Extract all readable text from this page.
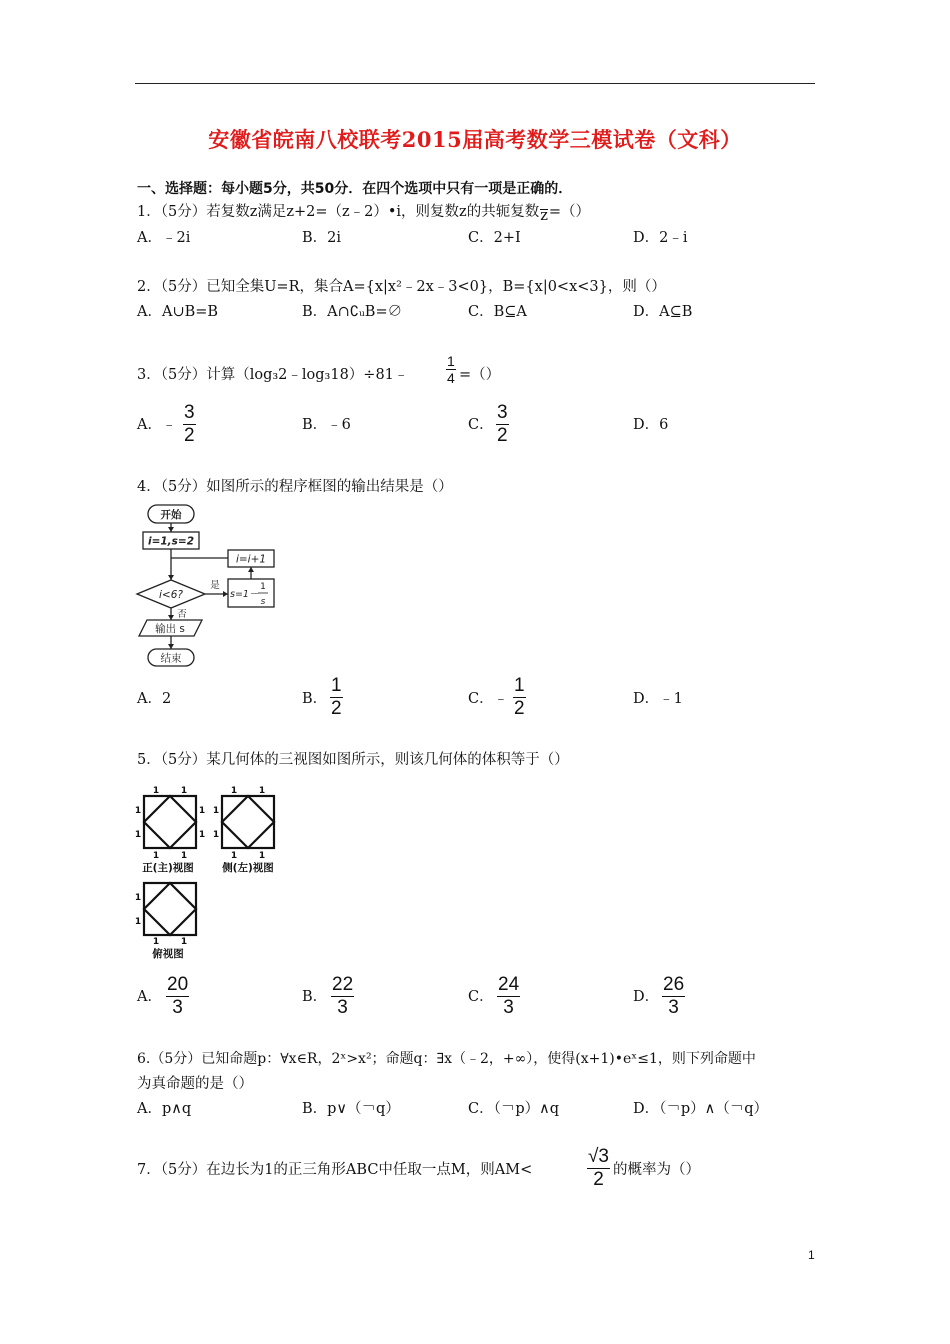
安徽省皖南八校联考2015届高考数学三模试卷（文科）
一、选择题：每小题5分，共50分．在四个选项中只有一项是正确的．
1．（5分）若复数z满足z+2=（z﹣2）•i，则复数z的共轭复数z=（）
A．﹣2i	B．2i	C．2+I	D．2﹣i
2．（5分）已知全集U=R，集合A={x|x²﹣2x﹣3<0}，B={x|0<x<3}，则（）
A．A∪B=B	B．A∩∁ᵤB=∅	C．B⊆A	D．A⊆B
3．（5分）计算（log₃2﹣log₃18）÷81﹣	$\frac{1}{4}$ =（）
A．﹣ $\frac{3}{2}$	B．﹣6	C． $\frac{3}{2}$	D．6
4．（5分）如图所示的程序框图的输出结果是（）
开始
i=1,s=2
i=i+1
i<6?
是
否
s=1－
1
s
输出 s
结束
A．2	B． $\frac{1}{2}$	C．﹣ $\frac{1}{2}$	D．﹣1
5．（5分）某几何体的三视图如图所示，则该几何体的体积等于（）
1 1
1
1
1
1
1 1
1 1
1
1
1 1
1
1
1 1
正(主)视图	侧(左)视图
俯视图
A． $\frac{20}{3}$	B． $\frac{22}{3}$	C． $\frac{24}{3}$	D． $\frac{26}{3}$
6.（5分）已知命题p：∀x∈R，2ˣ>x²；命题q：∃x（﹣2，+∞），使得(x+1)•eˣ≤1，则下列命题中
为真命题的是（）
A．p∧q	B．p∨（￢q）	C．（￢p）∧q	D．（￢p）∧（￢q）
7．（5分）在边长为1的正三角形ABC中任取一点M，则AM<	$\frac{√3}{2}$ 的概率为（）
1
